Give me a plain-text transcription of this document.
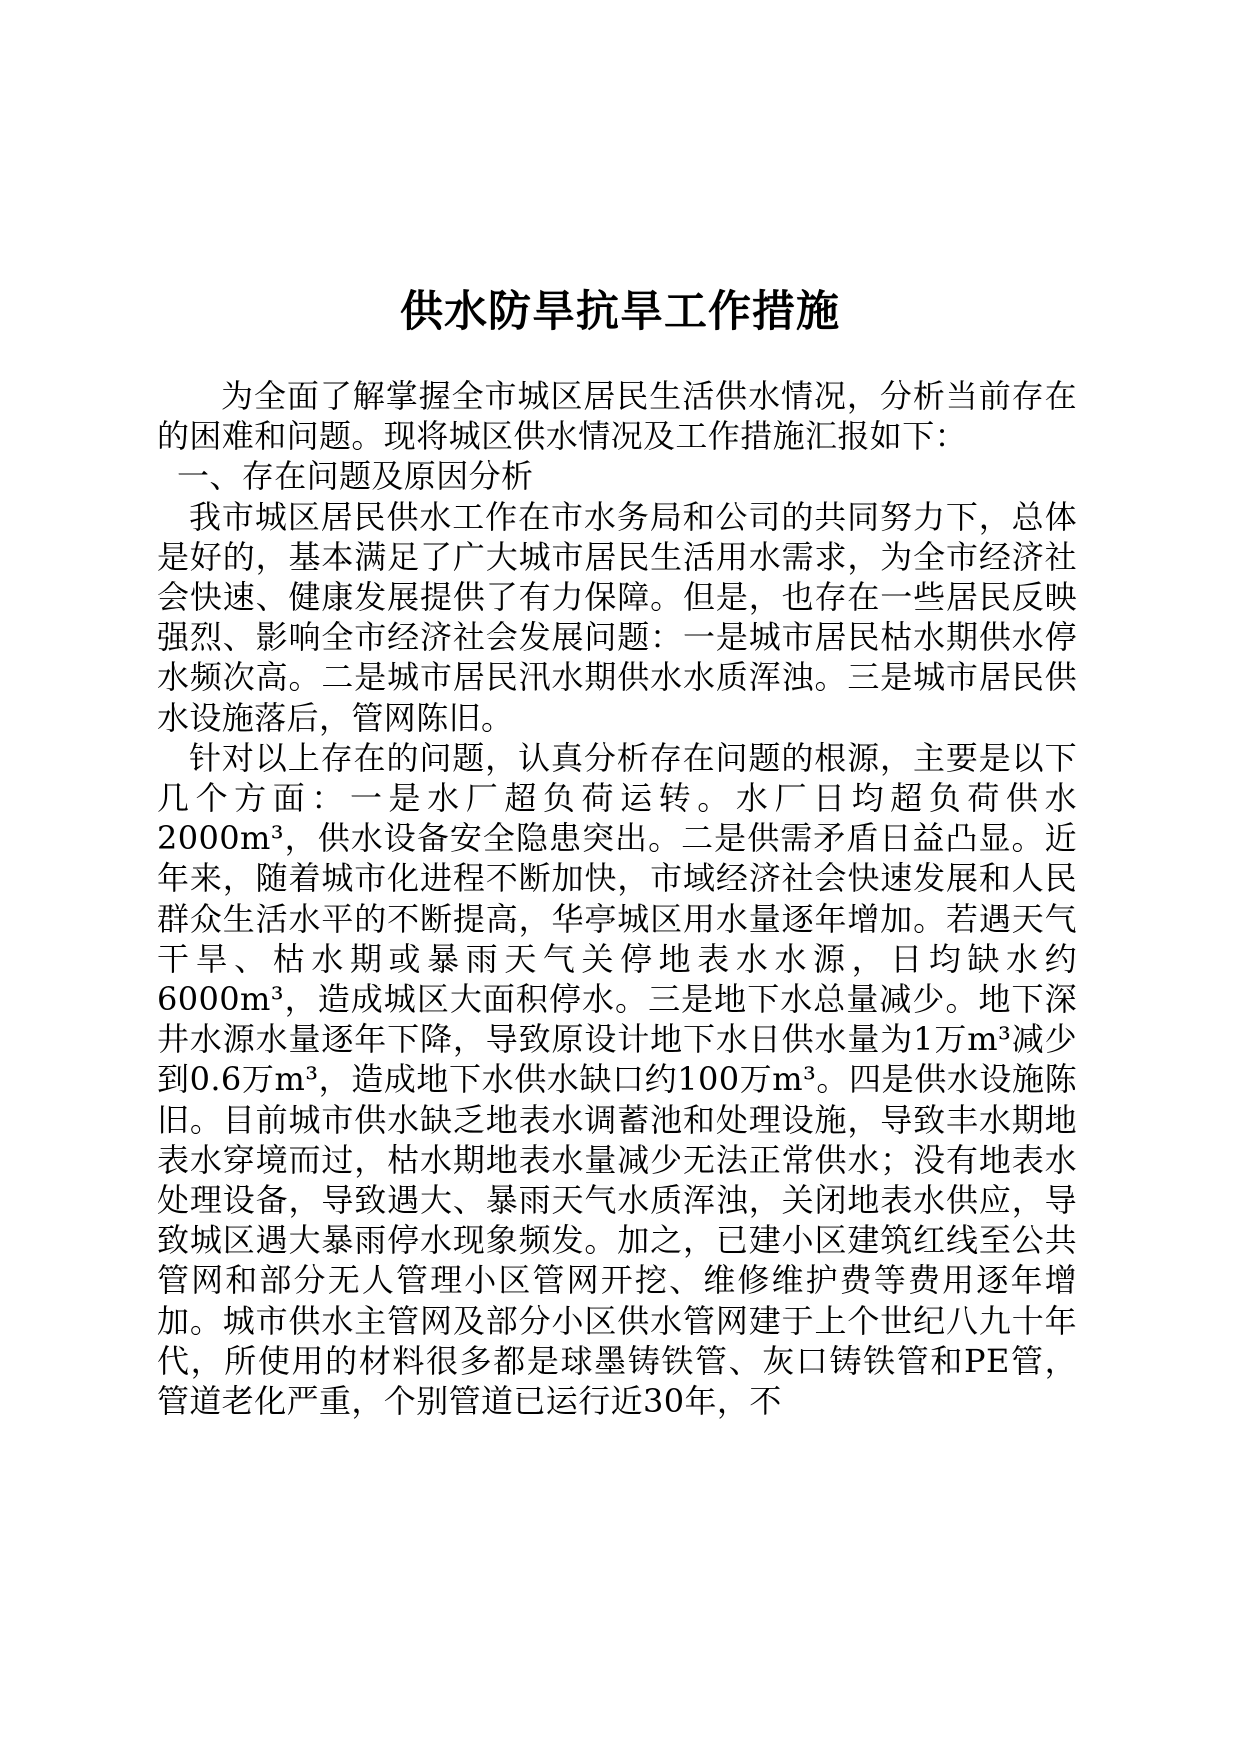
供水防旱抗旱工作措施

为全面了解掌握全市城区居民生活供水情况，分析当前存在的困难和问题。现将城区供水情况及工作措施汇报如下：

一、存在问题及原因分析

我市城区居民供水工作在市水务局和公司的共同努力下，总体是好的，基本满足了广大城市居民生活用水需求，为全市经济社会快速、健康发展提供了有力保障。但是，也存在一些居民反映强烈、影响全市经济社会发展问题：一是城市居民枯水期供水停水频次高。二是城市居民汛水期供水水质浑浊。三是城市居民供水设施落后，管网陈旧。

针对以上存在的问题，认真分析存在问题的根源，主要是以下几个方面：一是水厂超负荷运转。水厂日均超负荷供水2000m³，供水设备安全隐患突出。二是供需矛盾日益凸显。近年来，随着城市化进程不断加快，市域经济社会快速发展和人民群众生活水平的不断提高，华亭城区用水量逐年增加。若遇天气干旱、枯水期或暴雨天气关停地表水水源，日均缺水约6000m³，造成城区大面积停水。三是地下水总量减少。地下深井水源水量逐年下降，导致原设计地下水日供水量为1万m³减少到0.6万m³，造成地下水供水缺口约100万m³。四是供水设施陈旧。目前城市供水缺乏地表水调蓄池和处理设施，导致丰水期地表水穿境而过，枯水期地表水量减少无法正常供水；没有地表水处理设备，导致遇大、暴雨天气水质浑浊，关闭地表水供应，导致城区遇大暴雨停水现象频发。加之，已建小区建筑红线至公共管网和部分无人管理小区管网开挖、维修维护费等费用逐年增加。城市供水主管网及部分小区供水管网建于上个世纪八九十年代，所使用的材料很多都是球墨铸铁管、灰口铸铁管和PE管，管道老化严重，个别管道已运行近30年，不
